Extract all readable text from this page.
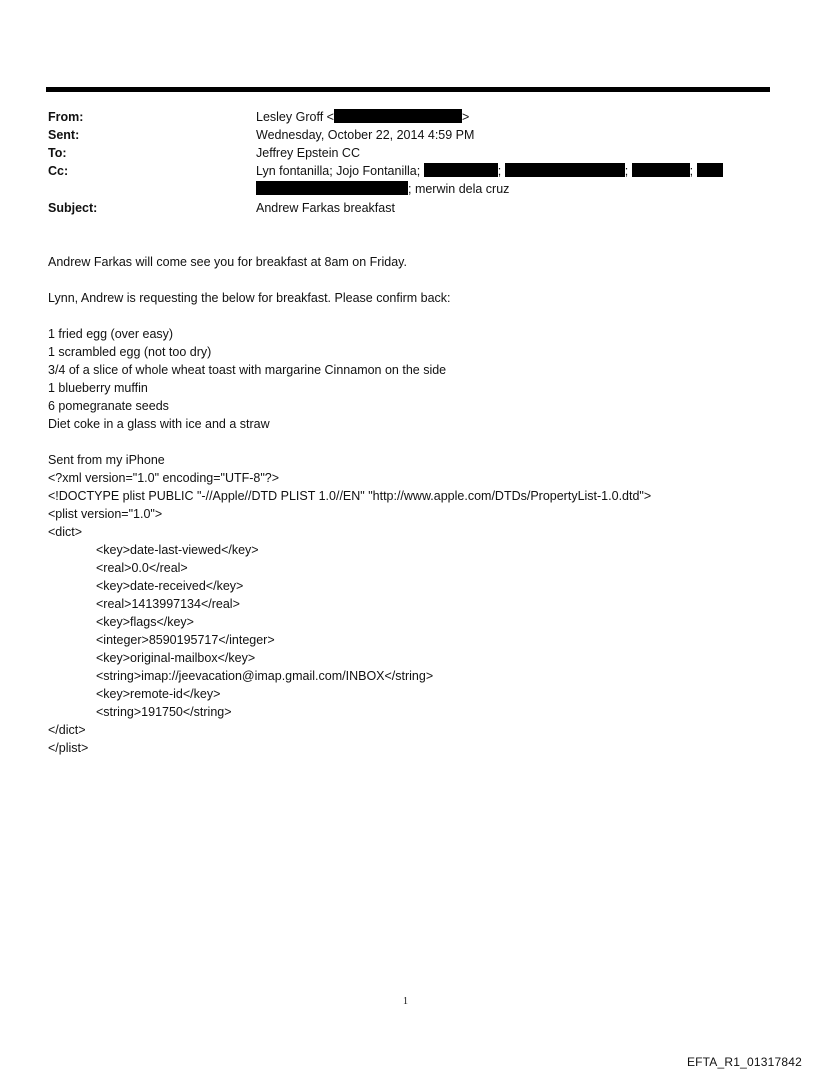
From:	Lesley Groff <	>
Sent:	Wednesday, October 22, 2014 4:59 PM
To:	Jeffrey Epstein CC
Cc:	Lyn fontanilla; Jojo Fontanilla;	;	;	;
; merwin dela cruz
Subject:	Andrew Farkas breakfast
Andrew Farkas will come see you for breakfast at 8am on Friday.
Lynn, Andrew is requesting the below for breakfast. Please confirm back:
1 fried egg (over easy)
1 scrambled egg (not too dry)
3/4 of a slice of whole wheat toast with margarine Cinnamon on the side
1 blueberry muffin
6 pomegranate seeds
Diet coke in a glass with ice and a straw
Sent from my iPhone
<?xml version="1.0" encoding="UTF-8"?>
<!DOCTYPE plist PUBLIC "-//Apple//DTD PLIST 1.0//EN" "http://www.apple.com/DTDs/PropertyList-1.0.dtd">
<plist version="1.0">
<dict>
<key>date-last-viewed</key>
<real>0.0</real>
<key>date-received</key>
<real>1413997134</real>
<key>flags</key>
<integer>8590195717</integer>
<key>original-mailbox</key>
<string>imap://jeevacation@imap.gmail.com/INBOX</string>
<key>remote-id</key>
<string>191750</string>
</dict>
</plist>
1
EFTA_R1_01317842
